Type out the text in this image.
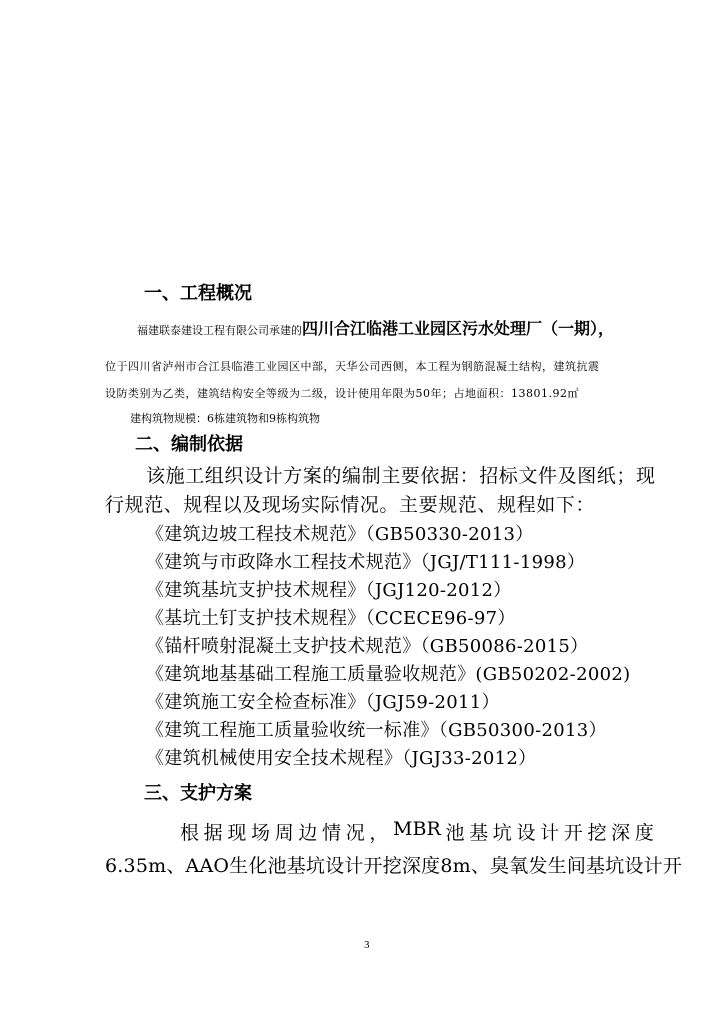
一、工程概况
福建联泰建设工程有限公司承建的四川合江临港工业园区污水处理厂（一期），
位于四川省泸州市合江县临港工业园区中部，天华公司西侧，本工程为钢筋混凝土结构，建筑抗震
设防类别为乙类，建筑结构安全等级为二级，设计使用年限为50年；占地面积：13801.92㎡
建构筑物规模：6栋建筑物和9栋构筑物
二、编制依据
该施工组织设计方案的编制主要依据：招标文件及图纸；现
行规范、规程以及现场实际情况。主要规范、规程如下：
《建筑边坡工程技术规范》（GB50330-2013）
《建筑与市政降水工程技术规范》（JGJ/T111-1998）
《建筑基坑支护技术规程》（JGJ120-2012）
《基坑土钉支护技术规程》（CCECE96-97）
《锚杆喷射混凝土支护技术规范》（GB50086-2015）
《建筑地基基础工程施工质量验收规范》(GB50202-2002)
《建筑施工安全检查标准》（JGJ59-2011）
《建筑工程施工质量验收统一标准》（GB50300-2013）
《建筑机械使用安全技术规程》（JGJ33-2012）
三、支护方案
根 据 现 场 周 边 情 况 ， MBR 池 基 坑 设 计 开 挖 深 度
6.35m、AAO生化池基坑设计开挖深度8m、臭氧发生间基坑设计开
3
